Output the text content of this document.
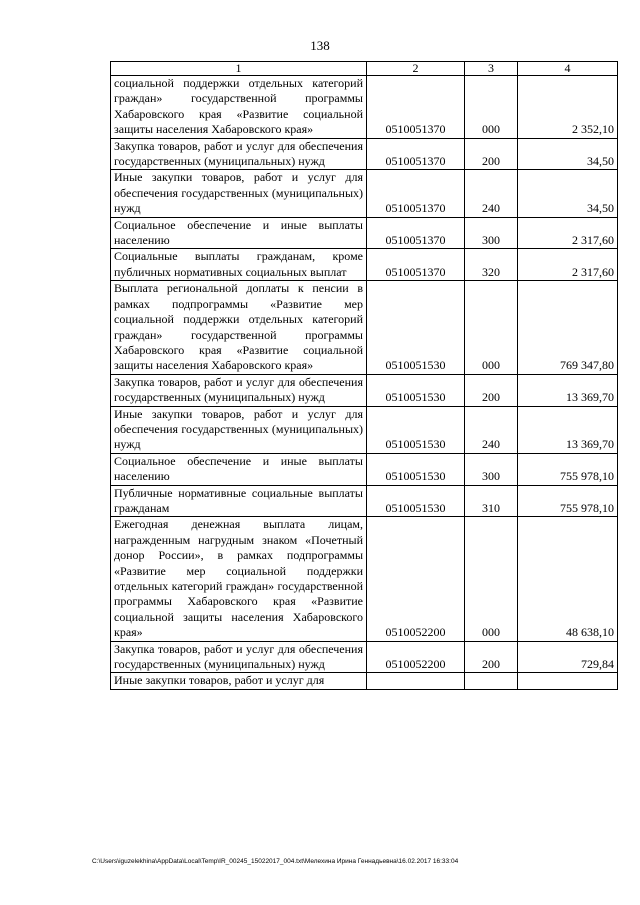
138
1	2	3	4
социальной поддержки отдельных категорий граждан» государственной программы Хабаровского края «Развитие социальной защиты населения Хабаровского края»	0510051370	000	2 352,10
Закупка товаров, работ и услуг для обеспечения государственных (муниципальных) нужд	0510051370	200	34,50
Иные закупки товаров, работ и услуг для обеспечения государственных (муниципальных) нужд	0510051370	240	34,50
Социальное обеспечение и иные выплаты населению	0510051370	300	2 317,60
Социальные выплаты гражданам, кроме публичных нормативных социальных выплат	0510051370	320	2 317,60
Выплата региональной доплаты к пенсии в рамках подпрограммы «Развитие мер социальной поддержки отдельных категорий граждан» государственной программы Хабаровского края «Развитие социальной защиты населения Хабаровского края»	0510051530	000	769 347,80
Закупка товаров, работ и услуг для обеспечения государственных (муниципальных) нужд	0510051530	200	13 369,70
Иные закупки товаров, работ и услуг для обеспечения государственных (муниципальных) нужд	0510051530	240	13 369,70
Социальное обеспечение и иные выплаты населению	0510051530	300	755 978,10
Публичные нормативные социальные выплаты гражданам	0510051530	310	755 978,10
Ежегодная денежная выплата лицам, награжденным нагрудным знаком «Почетный донор России», в рамках подпрограммы «Развитие мер социальной поддержки отдельных категорий граждан» государственной программы Хабаровского края «Развитие социальной защиты населения Хабаровского края»	0510052200	000	48 638,10
Закупка товаров, работ и услуг для обеспечения государственных (муниципальных) нужд	0510052200	200	729,84
Иные закупки товаров, работ и услуг для			
C:\Users\iguzelekhina\AppData\Local\Temp\IR_00245_15022017_004.txt\Мелехина Ирина Геннадьевна\16.02.2017 16:33:04
